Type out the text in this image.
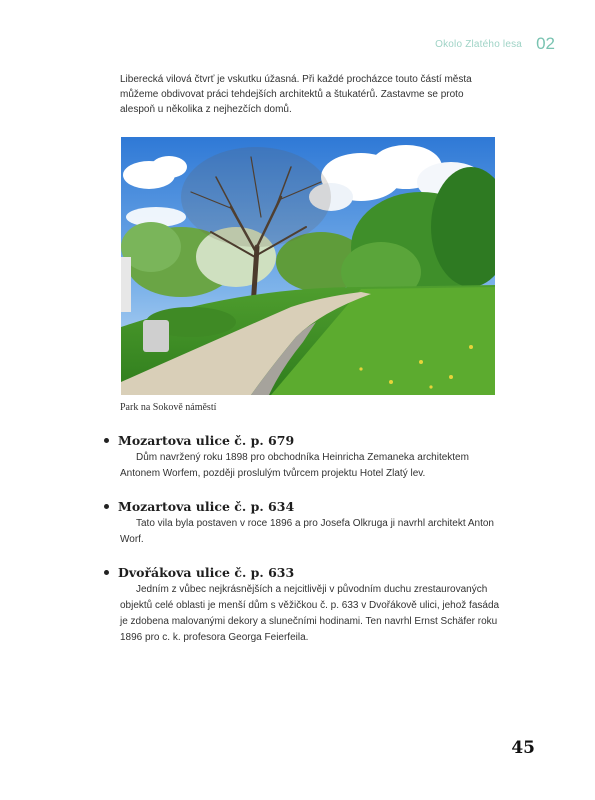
Okolo Zlatého lesa 02

Liberecká vilová čtvrť je vskutku úžasná. Při každé procházce touto částí města můžeme obdivovat práci tehdejších architektů a štukatérů. Zastavme se proto alespoň u několika z nejhezčích domů.

Park na Sokově náměstí
Mozartova ulice č. p. 679

Dům navržený roku 1898 pro obchodníka Heinricha Zemaneka architektem Antonem Worfem, později proslulým tvůrcem projektu Hotel Zlatý lev.

Mozartova ulice č. p. 634

Tato vila byla postaven v roce 1896 a pro Josefa Olkruga ji navrhl architekt Anton Worf.

Dvořákova ulice č. p. 633

Jedním z vůbec nejkrásnějších a nejcitlivěji v původním duchu zrestaurovaných objektů celé oblasti je menší dům s věžičkou č. p. 633 v Dvořákově ulici, jehož fasáda je zdobena malovanými dekory a slunečními hodinami. Ten navrhl Ernst Schäfer roku 1896 pro c. k. profesora Georga Feierfeila.

45
